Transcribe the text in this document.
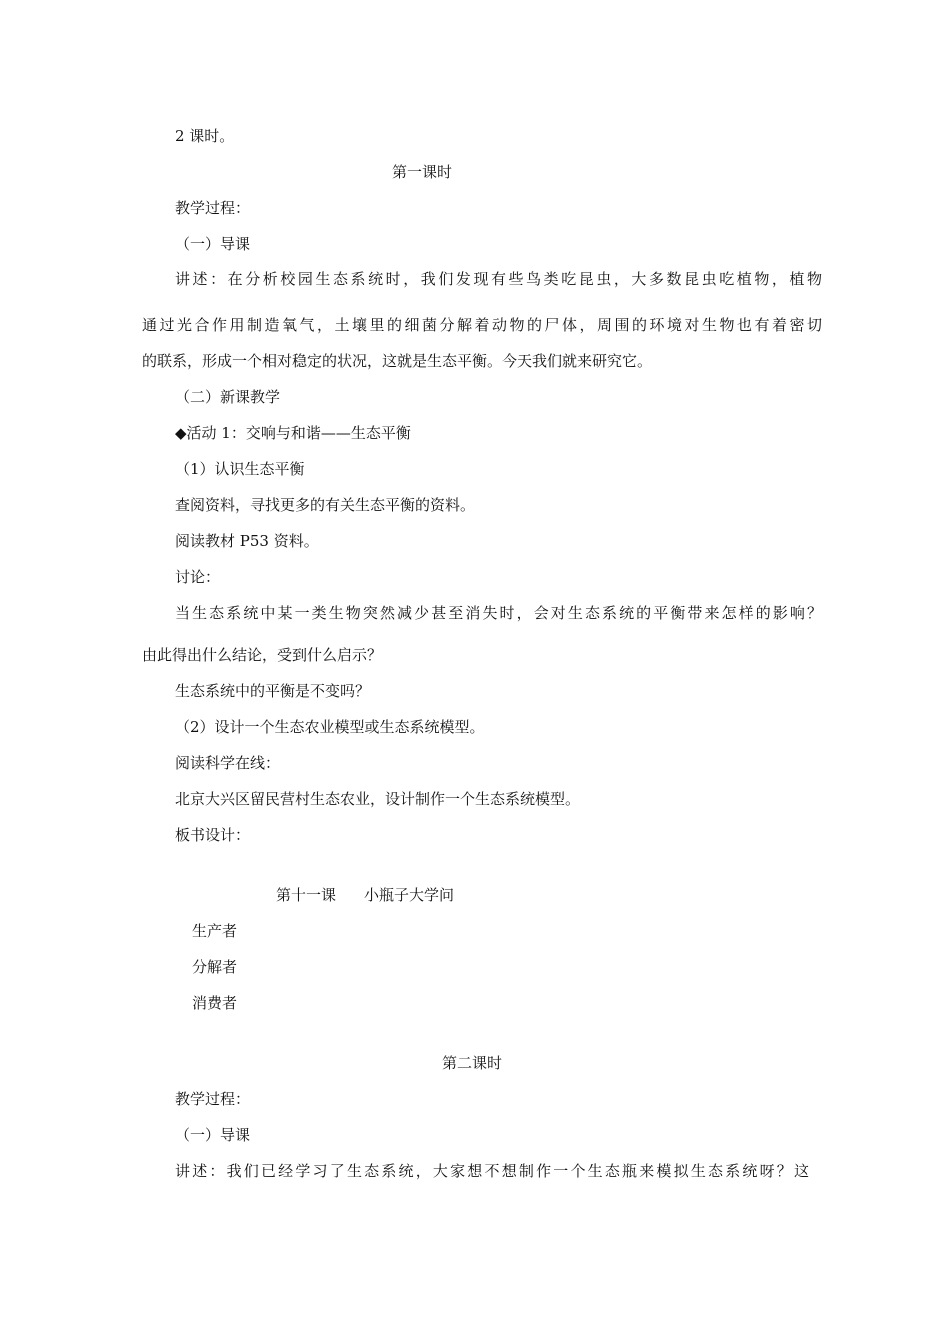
2 课时。
第一课时
教学过程：
（一）导课
讲述：在分析校园生态系统时，我们发现有些鸟类吃昆虫，大多数昆虫吃植物，植物
通过光合作用制造氧气，土壤里的细菌分解着动物的尸体，周围的环境对生物也有着密切
的联系，形成一个相对稳定的状况，这就是生态平衡。今天我们就来研究它。
（二）新课教学
◆活动 1：交响与和谐——生态平衡
（1）认识生态平衡
查阅资料，寻找更多的有关生态平衡的资料。
阅读教材 P53 资料。
讨论：
当生态系统中某一类生物突然减少甚至消失时，会对生态系统的平衡带来怎样的影响？
由此得出什么结论，受到什么启示？
生态系统中的平衡是不变吗？
（2）设计一个生态农业模型或生态系统模型。
阅读科学在线：
北京大兴区留民营村生态农业，设计制作一个生态系统模型。
板书设计：
第十一课 小瓶子大学问
生产者
分解者
消费者
第二课时
教学过程：
（一）导课
讲述：我们已经学习了生态系统，大家想不想制作一个生态瓶来模拟生态系统呀？这
